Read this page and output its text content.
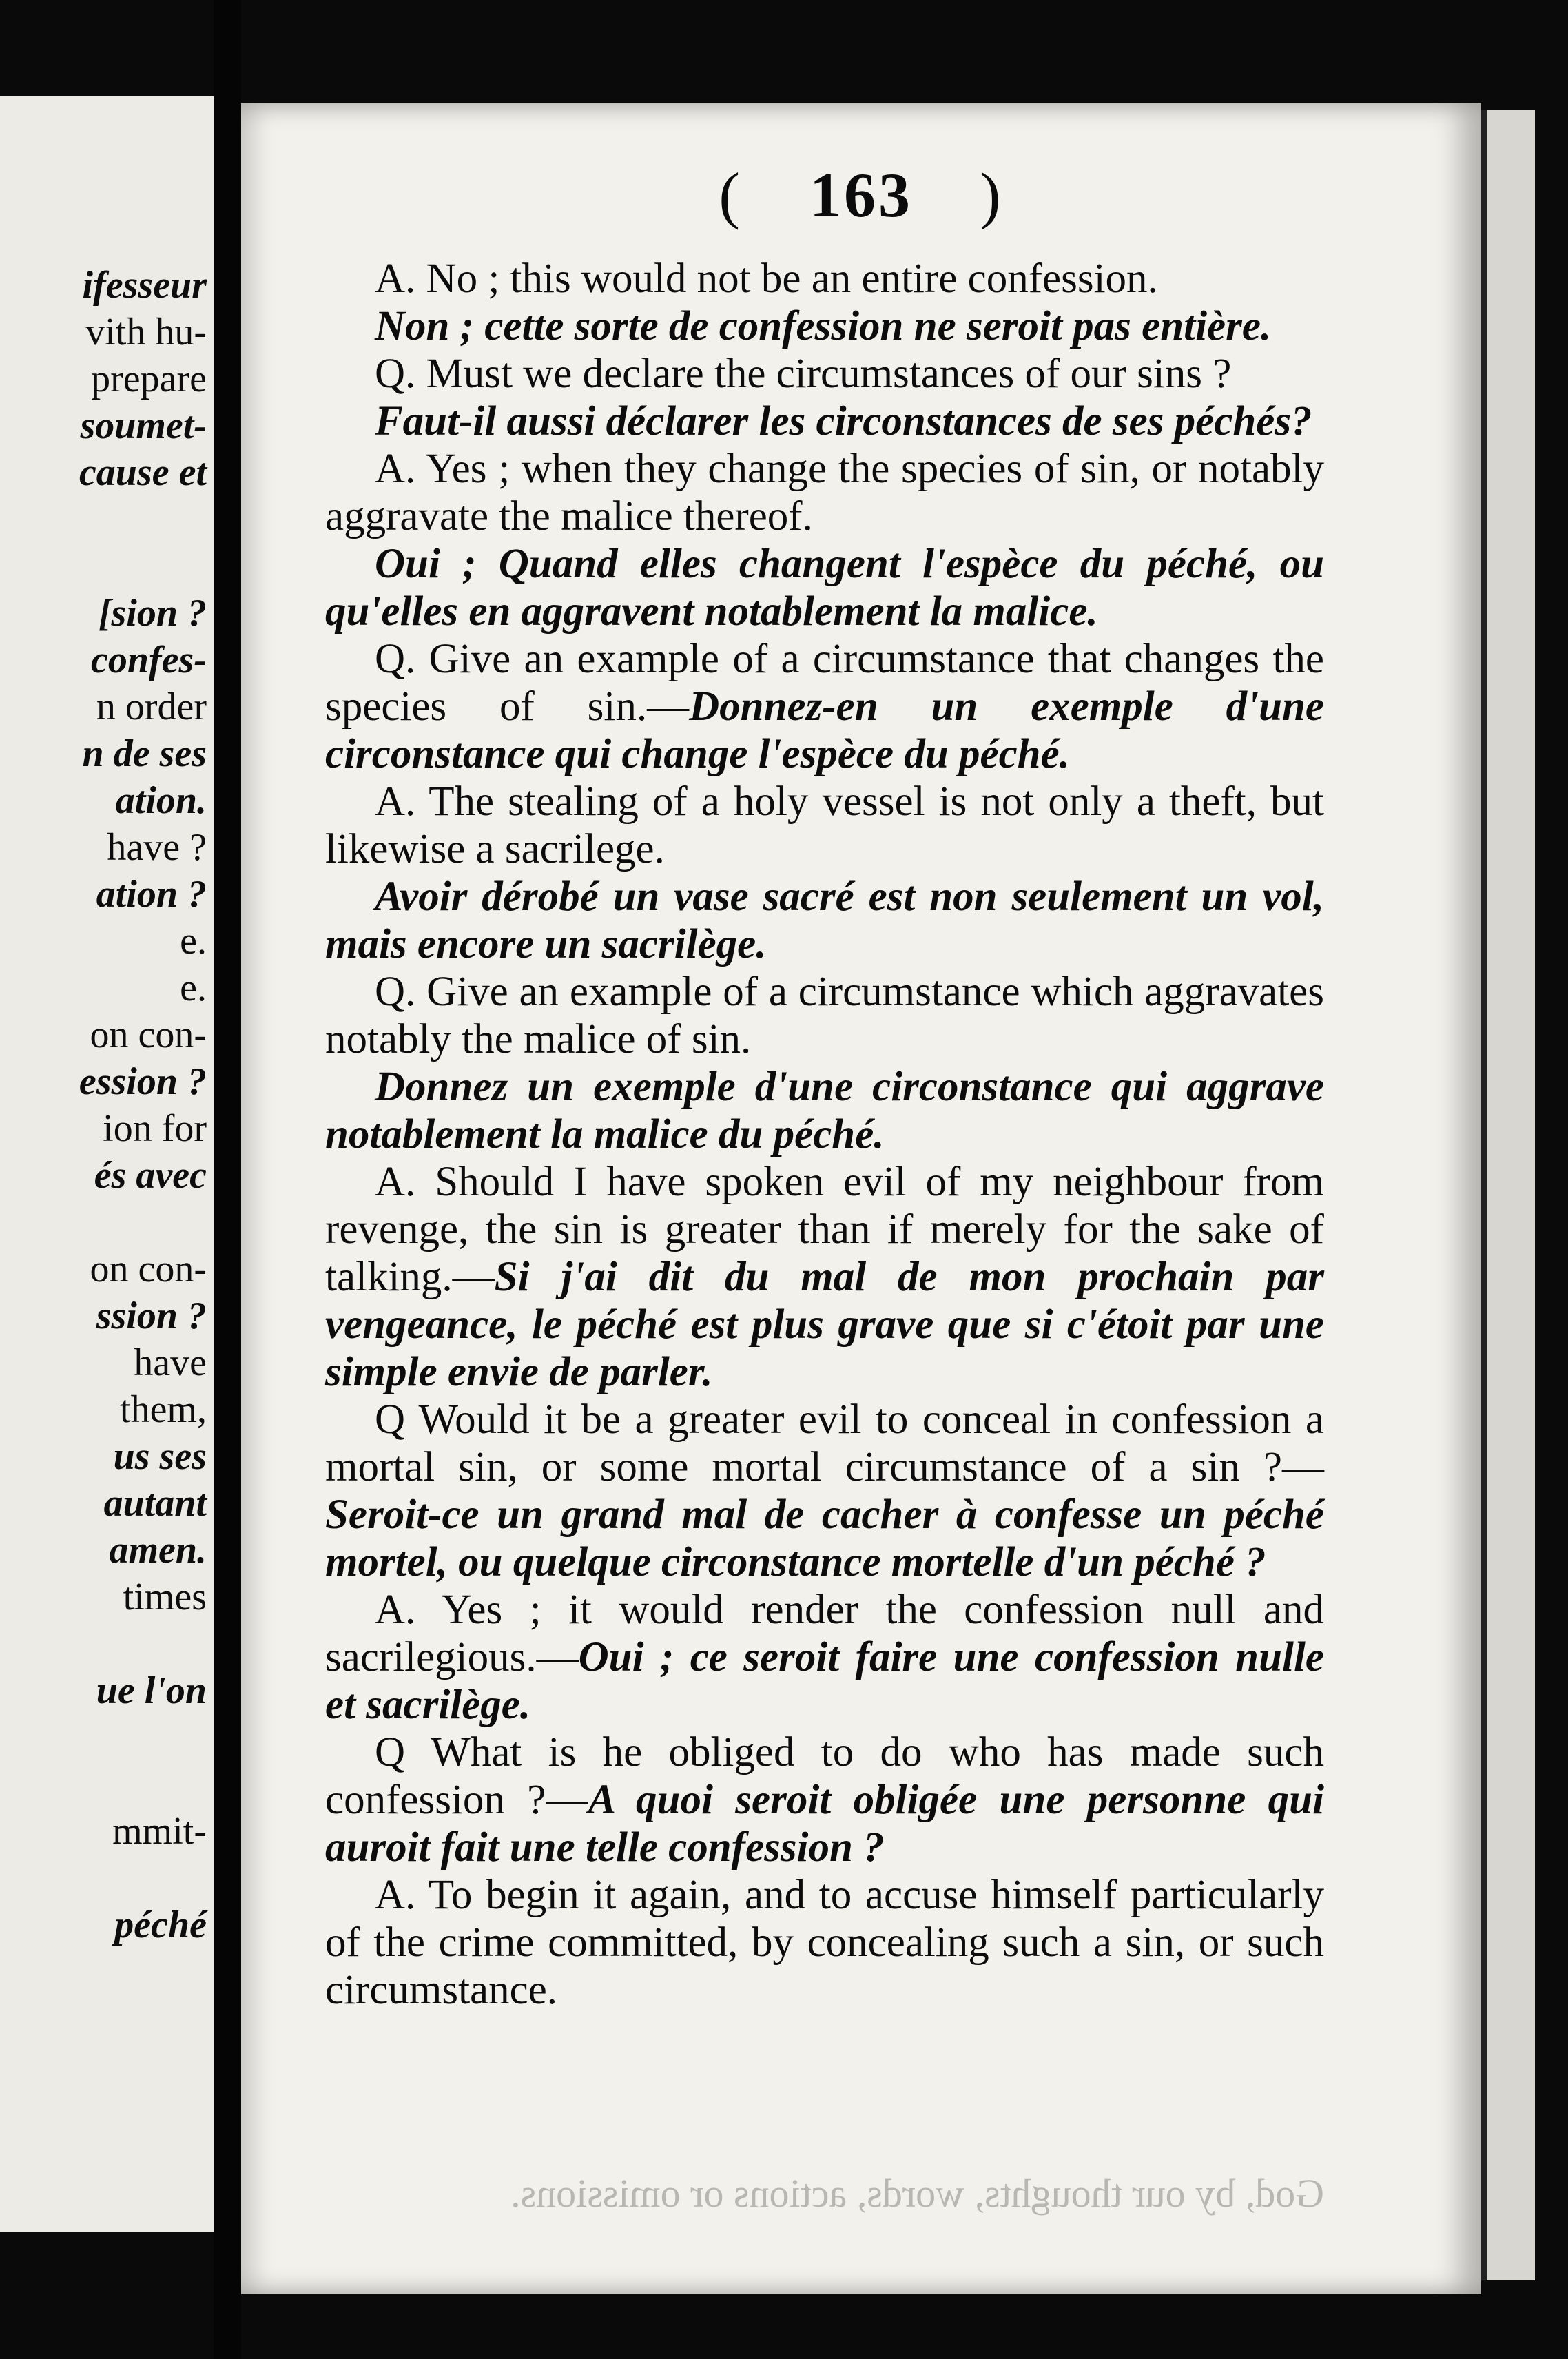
ifesseur
vith hu-
prepare
soumet-
cause et
[sion ?
confes-
n order
n de ses
ation.
have ?
ation ?
e.
e.
on con-
ession ?
ion for
és avec
on con-
ssion ?
have
them,
us ses
autant
amen.
times
ue l'on
mmit-
péché
( 163 )

A. No ; this would not be an entire confession.

Non ; cette sorte de confession ne seroit pas entière.

Q. Must we declare the circumstances of our sins ?

Faut-il aussi déclarer les circonstances de ses péchés?

A. Yes ; when they change the species of sin, or notably aggravate the malice thereof.

Oui ; Quand elles changent l'espèce du péché, ou qu'elles en aggravent notablement la malice.

Q. Give an example of a circumstance that changes the species of sin.—Donnez-en un exemple d'une circonstance qui change l'espèce du péché.

A. The stealing of a holy vessel is not only a theft, but likewise a sacrilege.

Avoir dérobé un vase sacré est non seulement un vol, mais encore un sacrilège.

Q. Give an example of a circumstance which aggravates notably the malice of sin.

Donnez un exemple d'une circonstance qui aggrave notablement la malice du péché.

A. Should I have spoken evil of my neighbour from revenge, the sin is greater than if merely for the sake of talking.—Si j'ai dit du mal de mon prochain par vengeance, le péché est plus grave que si c'étoit par une simple envie de parler.

Q Would it be a greater evil to conceal in confession a mortal sin, or some mortal circumstance of a sin ?—Seroit-ce un grand mal de cacher à confesse un péché mortel, ou quelque circonstance mortelle d'un péché ?

A. Yes ; it would render the confession null and sacrilegious.—Oui ; ce seroit faire une confession nulle et sacrilège.

Q What is he obliged to do who has made such confession ?—A quoi seroit obligée une personne qui auroit fait une telle confession ?

A. To begin it again, and to accuse himself particularly of the crime committed, by concealing such a sin, or such circumstance.

God, by our thoughts, words, actions or omissions.
